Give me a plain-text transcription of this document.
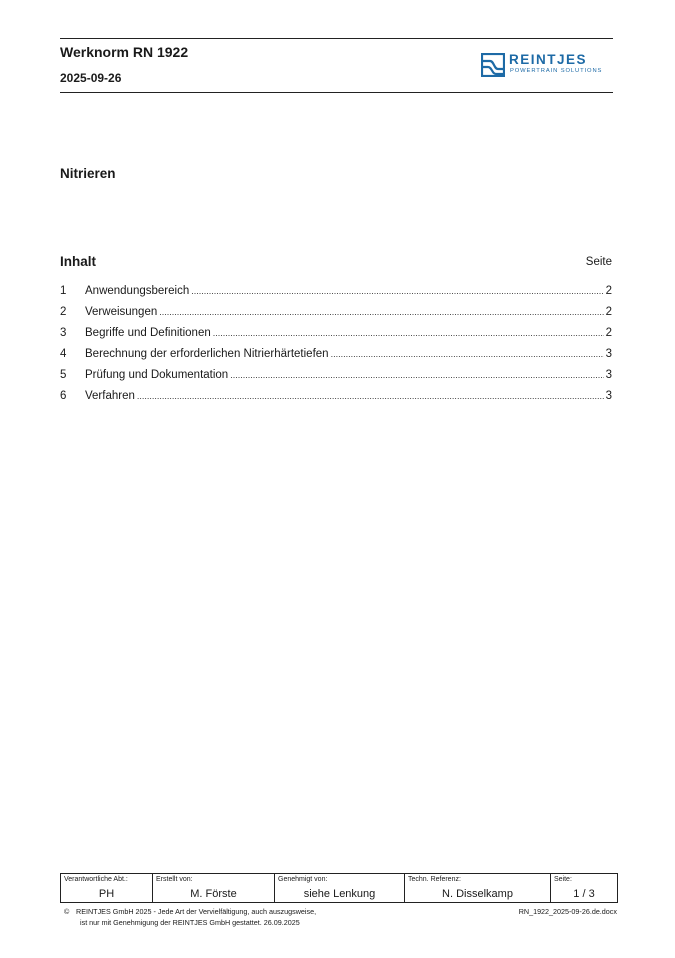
Werknorm RN 1922
2025-09-26
REINTJES
POWERTRAIN SOLUTIONS
Nitrieren
Inhalt	Seite
1	Anwendungsbereich .....	2
2	Verweisungen .....	2
3	Begriffe und Definitionen .....	2
4	Berechnung der erforderlichen Nitrierhärtetiefen .....	3
5	Prüfung und Dokumentation .....	3
6	Verfahren .....	3
Verantwortliche Abt.:
PH
Erstellt von:
M. Förste
Genehmigt von:
siehe Lenkung
Techn. Referenz:
N. Disselkamp
Seite:
1 / 3
© REINTJES GmbH 2025 - Jede Art der Vervielfältigung, auch auszugsweise,
ist nur mit Genehmigung der REINTJES GmbH gestattet. 26.09.2025
RN_1922_2025-09-26.de.docx
